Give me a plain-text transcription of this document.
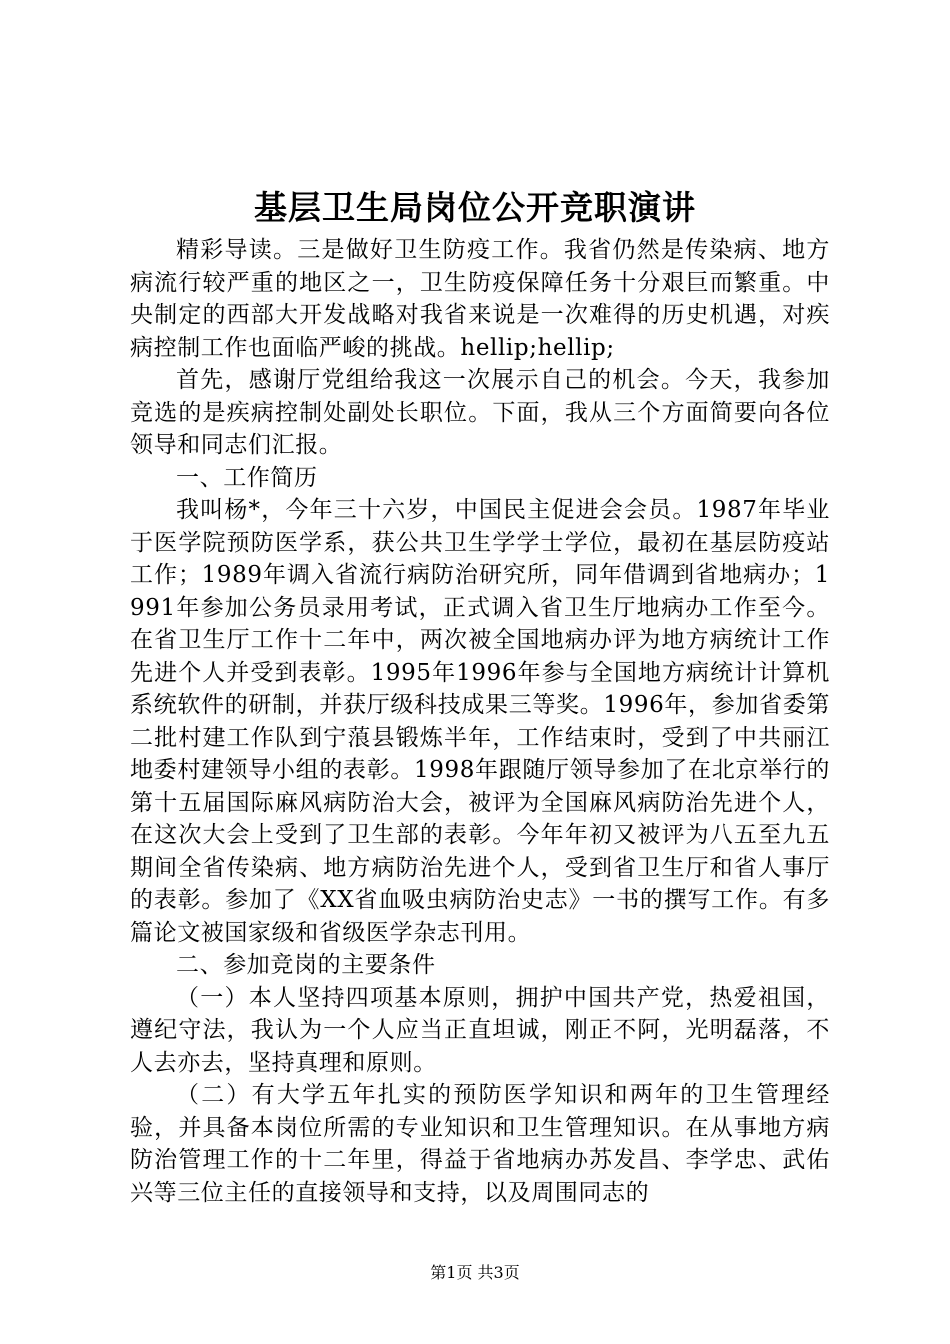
基层卫生局岗位公开竞职演讲

精彩导读。三是做好卫生防疫工作。我省仍然是传染病、地方病流行较严重的地区之一，卫生防疫保障任务十分艰巨而繁重。中央制定的西部大开发战略对我省来说是一次难得的历史机遇，对疾病控制工作也面临严峻的挑战。hellip;hellip;

首先，感谢厅党组给我这一次展示自己的机会。今天，我参加竞选的是疾病控制处副处长职位。下面，我从三个方面简要向各位领导和同志们汇报。

一、工作简历

我叫杨*，今年三十六岁，中国民主促进会会员。1987年毕业于医学院预防医学系，获公共卫生学学士学位，最初在基层防疫站工作；1989年调入省流行病防治研究所，同年借调到省地病办；1991年参加公务员录用考试，正式调入省卫生厅地病办工作至今。在省卫生厅工作十二年中，两次被全国地病办评为地方病统计工作先进个人并受到表彰。1995年1996年参与全国地方病统计计算机系统软件的研制，并获厅级科技成果三等奖。1996年，参加省委第二批村建工作队到宁蒗县锻炼半年，工作结束时，受到了中共丽江地委村建领导小组的表彰。1998年跟随厅领导参加了在北京举行的第十五届国际麻风病防治大会，被评为全国麻风病防治先进个人，在这次大会上受到了卫生部的表彰。今年年初又被评为八五至九五期间全省传染病、地方病防治先进个人，受到省卫生厅和省人事厅的表彰。参加了《XX省血吸虫病防治史志》一书的撰写工作。有多篇论文被国家级和省级医学杂志刊用。

二、参加竞岗的主要条件

（一）本人坚持四项基本原则，拥护中国共产党，热爱祖国，遵纪守法，我认为一个人应当正直坦诚，刚正不阿，光明磊落，不人去亦去，坚持真理和原则。

（二）有大学五年扎实的预防医学知识和两年的卫生管理经验，并具备本岗位所需的专业知识和卫生管理知识。在从事地方病防治管理工作的十二年里，得益于省地病办苏发昌、李学忠、武佑兴等三位主任的直接领导和支持，以及周围同志的

第1页 共3页
